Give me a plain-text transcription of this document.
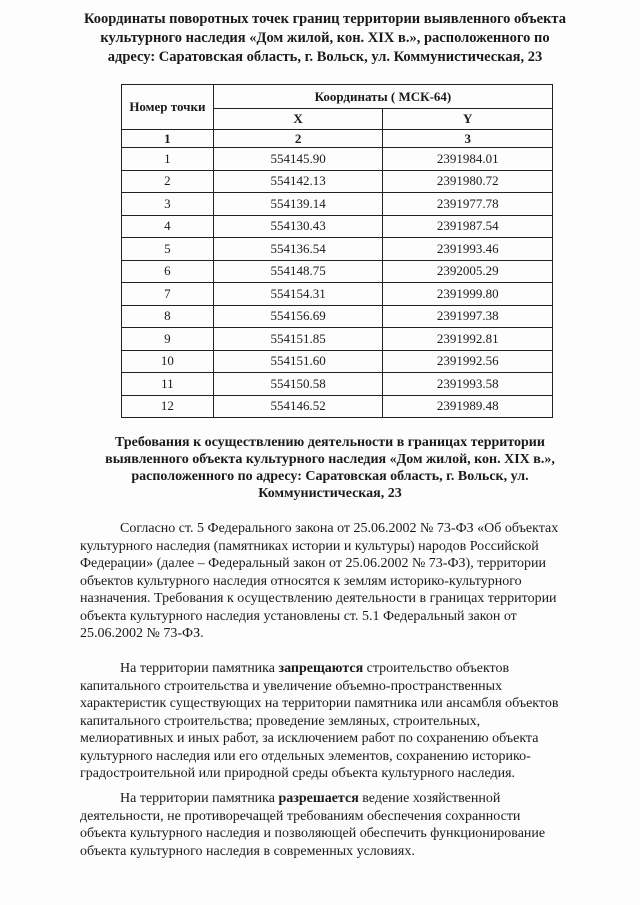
Координаты поворотных точек границ территории выявленного объекта
культурного наследия «Дом жилой, кон. XIX в.», расположенного по
адресу: Саратовская область, г. Вольск, ул. Коммунистическая, 23
Номер точки	Координаты ( МСК-64)	
	X	Y
1	2	3
1	554145.90	2391984.01
2	554142.13	2391980.72
3	554139.14	2391977.78
4	554130.43	2391987.54
5	554136.54	2391993.46
6	554148.75	2392005.29
7	554154.31	2391999.80
8	554156.69	2391997.38
9	554151.85	2391992.81
10	554151.60	2391992.56
11	554150.58	2391993.58
12	554146.52	2391989.48
Требования к осуществлению деятельности в границах территории
выявленного объекта культурного наследия «Дом жилой, кон. XIX в.»,
расположенного по адресу: Саратовская область, г. Вольск, ул.
Коммунистическая, 23
Согласно ст. 5 Федерального закона от 25.06.2002 № 73-ФЗ «Об объектах
культурного наследия (памятниках истории и культуры) народов Российской
Федерации» (далее – Федеральный закон от 25.06.2002 № 73-ФЗ), территории
объектов культурного наследия относятся к землям историко-культурного
назначения. Требования к осуществлению деятельности в границах территории
объекта культурного наследия установлены ст. 5.1 Федеральный закон от
25.06.2002 № 73-ФЗ.
На территории памятника запрещаются строительство объектов
капитального строительства и увеличение объемно-пространственных
характеристик существующих на территории памятника или ансамбля объектов
капитального строительства; проведение земляных, строительных,
мелиоративных и иных работ, за исключением работ по сохранению объекта
культурного наследия или его отдельных элементов, сохранению историко-
градостроительной или природной среды объекта культурного наследия.
На территории памятника разрешается ведение хозяйственной
деятельности, не противоречащей требованиям обеспечения сохранности
объекта культурного наследия и позволяющей обеспечить функционирование
объекта культурного наследия в современных условиях.
